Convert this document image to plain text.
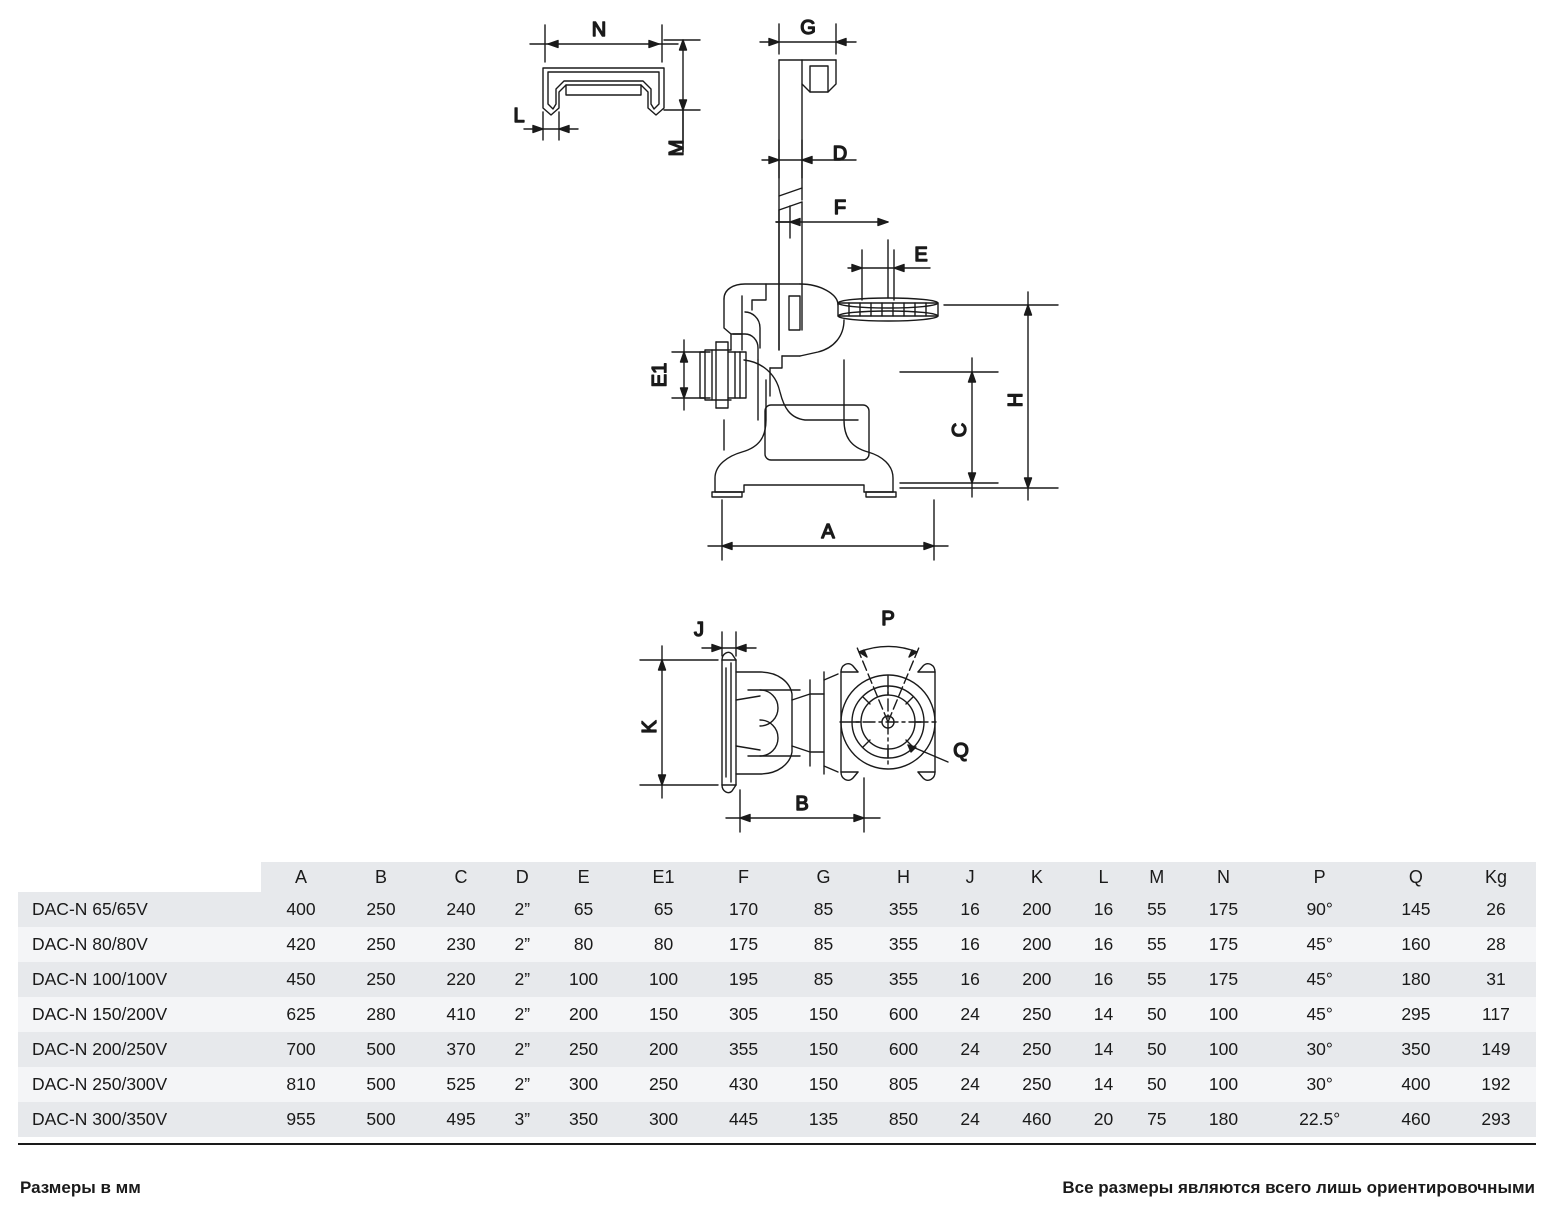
N
L
M
G
D
F
E
E1
C
H
A
P
Q
J
K
B
	A	B	C	D	E	E1	F	G	H	J	K	L	M	N	P	Q	Kg
DAC-N 65/65V	400	250	240	2”	65	65	170	85	355	16	200	16	55	175	90°	145	26
DAC-N 80/80V	420	250	230	2”	80	80	175	85	355	16	200	16	55	175	45°	160	28
DAC-N 100/100V	450	250	220	2”	100	100	195	85	355	16	200	16	55	175	45°	180	31
DAC-N 150/200V	625	280	410	2”	200	150	305	150	600	24	250	14	50	100	45°	295	117
DAC-N 200/250V	700	500	370	2”	250	200	355	150	600	24	250	14	50	100	30°	350	149
DAC-N 250/300V	810	500	525	2”	300	250	430	150	805	24	250	14	50	100	30°	400	192
DAC-N 300/350V	955	500	495	3”	350	300	445	135	850	24	460	20	75	180	22.5°	460	293
Размеры в мм	Все размеры являются всего лишь ориентировочными
